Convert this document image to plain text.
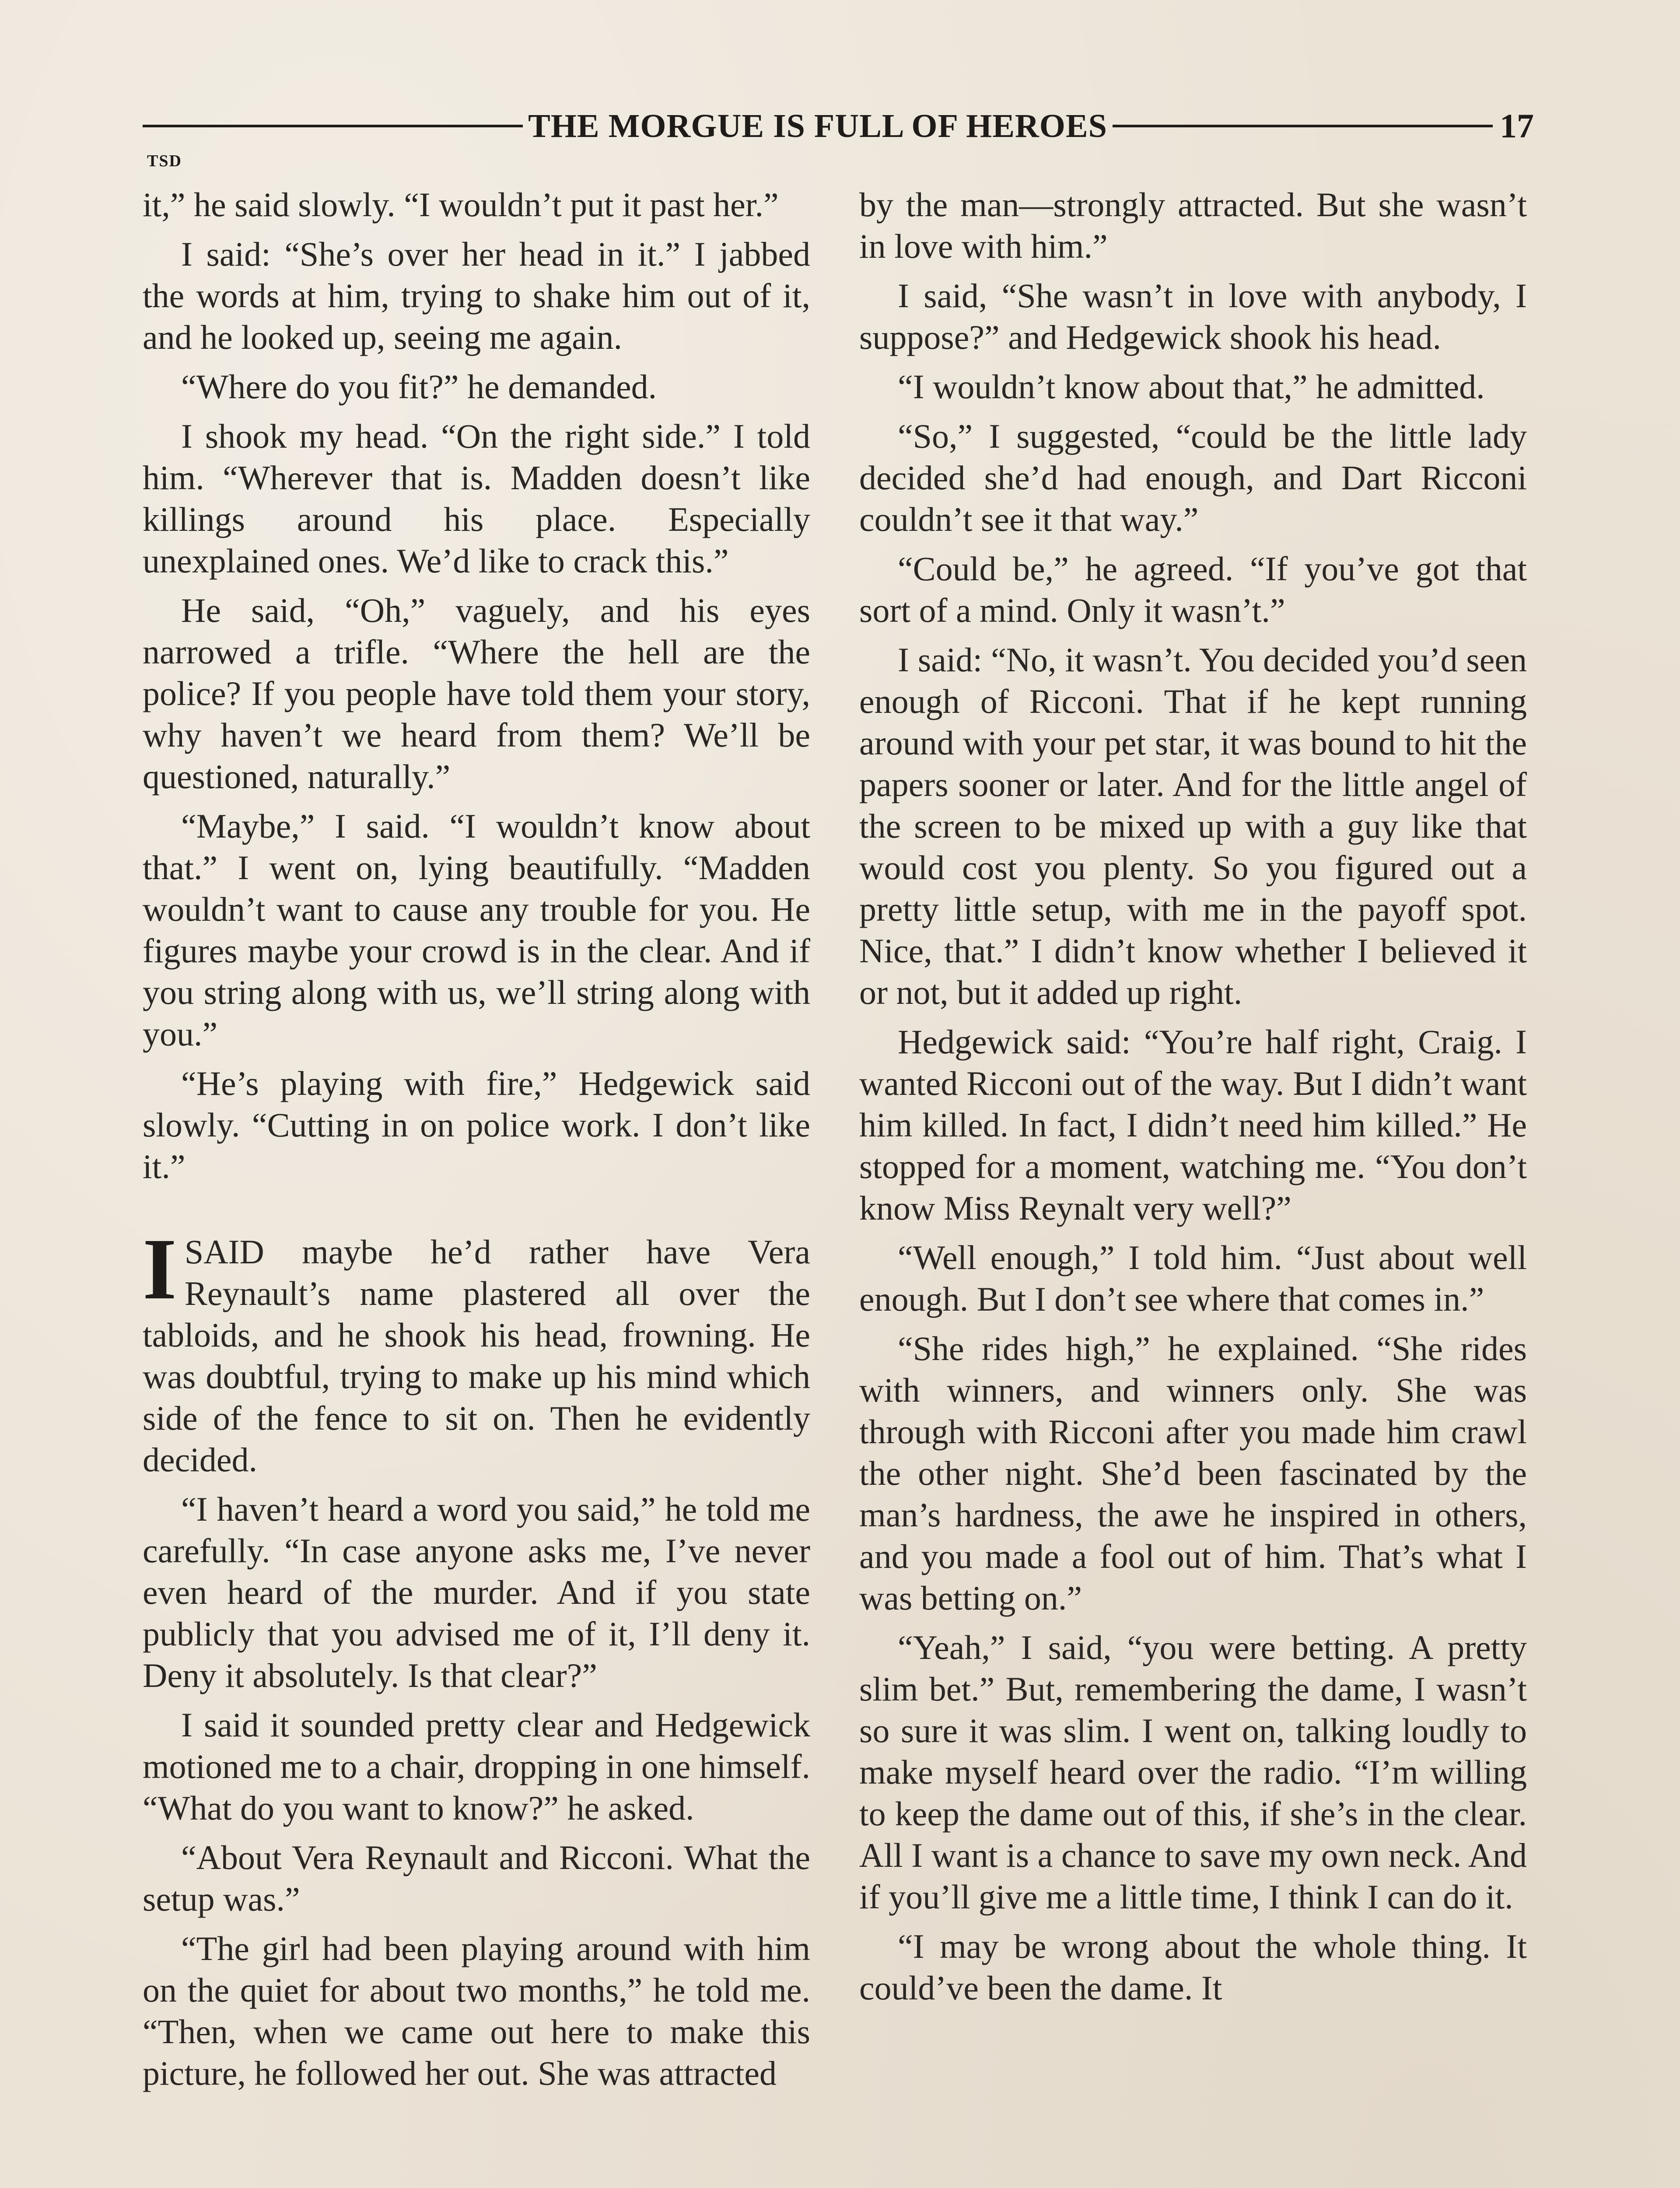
THE MORGUE IS FULL OF HEROES	17
TSD

it,” he said slowly. “I wouldn’t put it past her.”

I said: “She’s over her head in it.” I jabbed the words at him, trying to shake him out of it, and he looked up, seeing me again.

“Where do you fit?” he demanded.

I shook my head. “On the right side.” I told him. “Wherever that is. Madden doesn’t like killings around his place. Especially unexplained ones. We’d like to crack this.”

He said, “Oh,” vaguely, and his eyes narrowed a trifle. “Where the hell are the police? If you people have told them your story, why haven’t we heard from them? We’ll be questioned, naturally.”

“Maybe,” I said. “I wouldn’t know about that.” I went on, lying beautifully. “Madden wouldn’t want to cause any trouble for you. He figures maybe your crowd is in the clear. And if you string along with us, we’ll string along with you.”

“He’s playing with fire,” Hedgewick said slowly. “Cutting in on police work. I don’t like it.”

ISAID maybe he’d rather have Vera Reynault’s name plastered all over the tabloids, and he shook his head, frowning. He was doubtful, trying to make up his mind which side of the fence to sit on. Then he evidently decided.

“I haven’t heard a word you said,” he told me carefully. “In case anyone asks me, I’ve never even heard of the murder. And if you state publicly that you advised me of it, I’ll deny it. Deny it absolutely. Is that clear?”

I said it sounded pretty clear and Hedgewick motioned me to a chair, dropping in one himself. “What do you want to know?” he asked.

“About Vera Reynault and Ricconi. What the setup was.”

“The girl had been playing around with him on the quiet for about two months,” he told me. “Then, when we came out here to make this picture, he followed her out. She was attracted

by the man—strongly attracted. But she wasn’t in love with him.”

I said, “She wasn’t in love with anybody, I suppose?” and Hedgewick shook his head.

“I wouldn’t know about that,” he admitted.

“So,” I suggested, “could be the little lady decided she’d had enough, and Dart Ricconi couldn’t see it that way.”

“Could be,” he agreed. “If you’ve got that sort of a mind. Only it wasn’t.”

I said: “No, it wasn’t. You decided you’d seen enough of Ricconi. That if he kept running around with your pet star, it was bound to hit the papers sooner or later. And for the little angel of the screen to be mixed up with a guy like that would cost you plenty. So you figured out a pretty little setup, with me in the payoff spot. Nice, that.” I didn’t know whether I believed it or not, but it added up right.

Hedgewick said: “You’re half right, Craig. I wanted Ricconi out of the way. But I didn’t want him killed. In fact, I didn’t need him killed.” He stopped for a moment, watching me. “You don’t know Miss Reynalt very well?”

“Well enough,” I told him. “Just about well enough. But I don’t see where that comes in.”

“She rides high,” he explained. “She rides with winners, and winners only. She was through with Ricconi after you made him crawl the other night. She’d been fascinated by the man’s hardness, the awe he inspired in others, and you made a fool out of him. That’s what I was betting on.”

“Yeah,” I said, “you were betting. A pretty slim bet.” But, remembering the dame, I wasn’t so sure it was slim. I went on, talking loudly to make myself heard over the radio. “I’m willing to keep the dame out of this, if she’s in the clear. All I want is a chance to save my own neck. And if you’ll give me a little time, I think I can do it.

“I may be wrong about the whole thing. It could’ve been the dame. It
